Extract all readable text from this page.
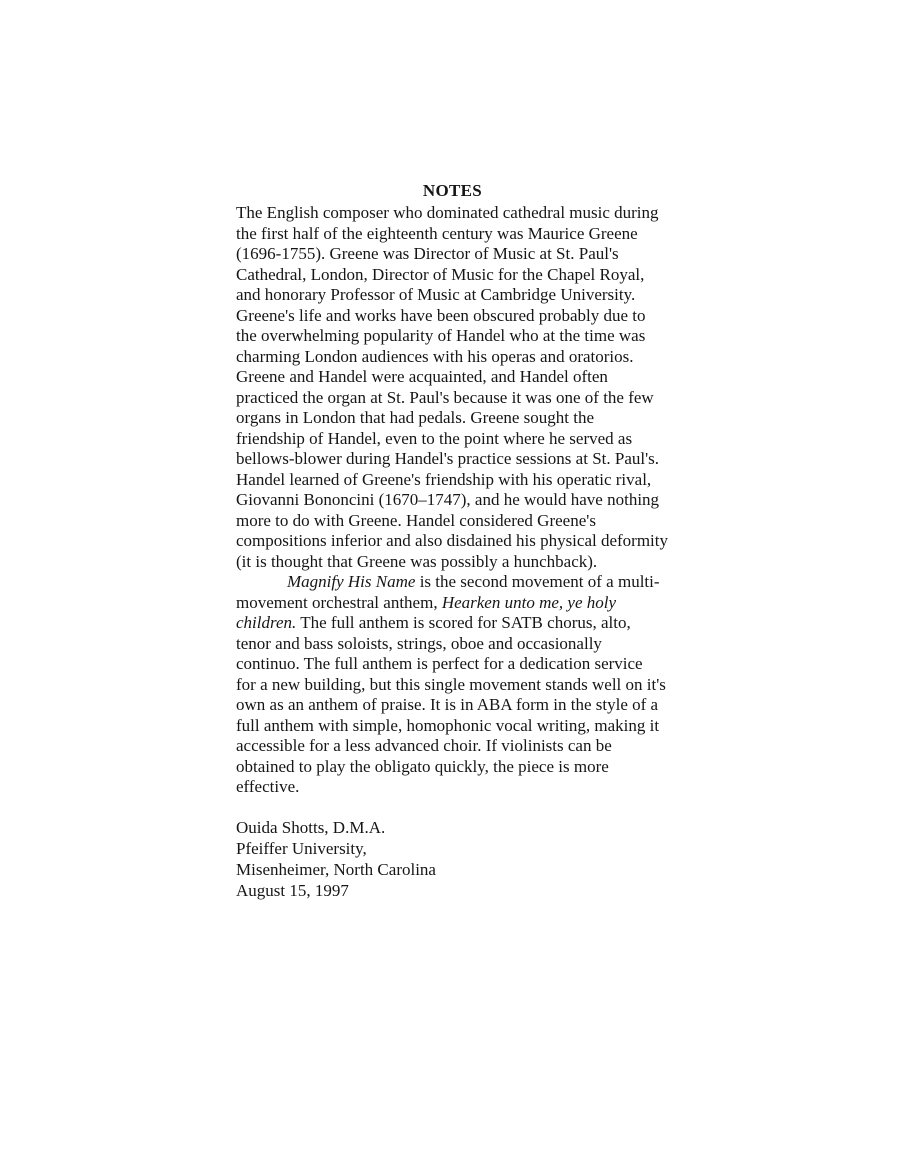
NOTES
The English composer who dominated cathedral music during
the first half of the eighteenth century was Maurice Greene
(1696-1755). Greene was Director of Music at St. Paul's
Cathedral, London, Director of Music for the Chapel Royal,
and honorary Professor of Music at Cambridge University.
Greene's life and works have been obscured probably due to
the overwhelming popularity of Handel who at the time was
charming London audiences with his operas and oratorios.
Greene and Handel were acquainted, and Handel often
practiced the organ at St. Paul's because it was one of the few
organs in London that had pedals. Greene sought the
friendship of Handel, even to the point where he served as
bellows-blower during Handel's practice sessions at St. Paul's.
Handel learned of Greene's friendship with his operatic rival,
Giovanni Bononcini (1670–1747), and he would have nothing
more to do with Greene. Handel considered Greene's
compositions inferior and also disdained his physical deformity
(it is thought that Greene was possibly a hunchback).
Magnify His Name is the second movement of a multi-
movement orchestral anthem, Hearken unto me, ye holy
children. The full anthem is scored for SATB chorus, alto,
tenor and bass soloists, strings, oboe and occasionally
continuo. The full anthem is perfect for a dedication service
for a new building, but this single movement stands well on it's
own as an anthem of praise. It is in ABA form in the style of a
full anthem with simple, homophonic vocal writing, making it
accessible for a less advanced choir. If violinists can be
obtained to play the obligato quickly, the piece is more
effective.
Ouida Shotts, D.M.A.
Pfeiffer University,
Misenheimer, North Carolina
August 15, 1997
